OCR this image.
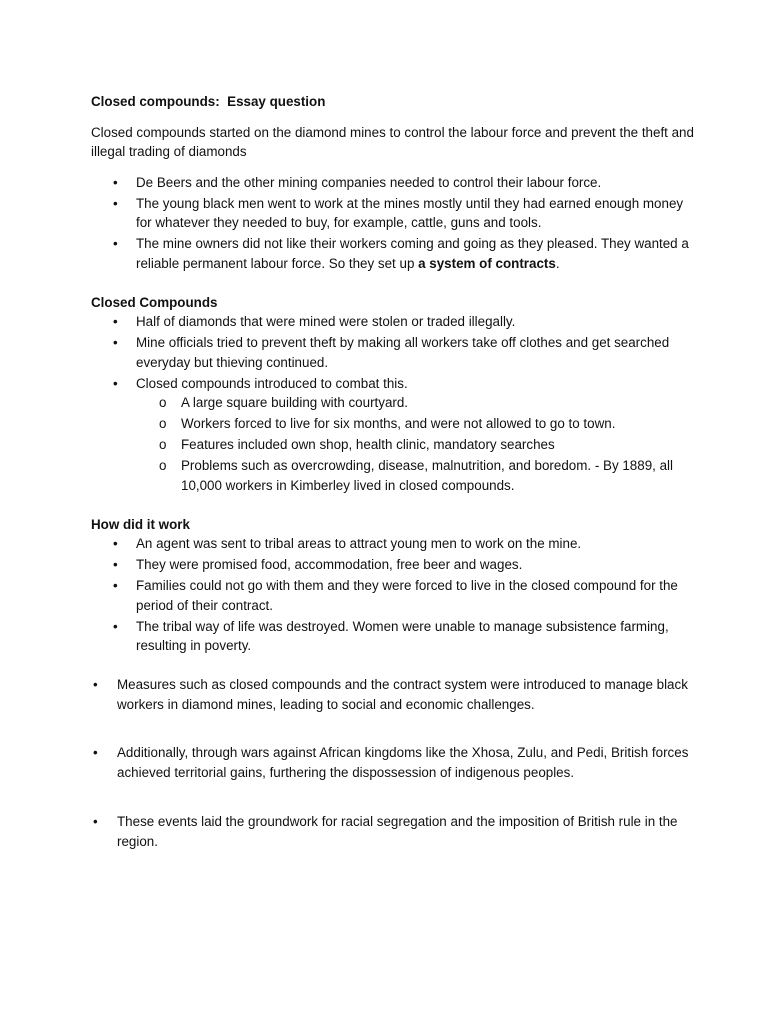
Closed compounds:  Essay question

Closed compounds started on the diamond mines to control the labour force and prevent the theft and illegal trading of diamonds

• De Beers and the other mining companies needed to control their labour force.
• The young black men went to work at the mines mostly until they had earned enough money for whatever they needed to buy, for example, cattle, guns and tools.
• The mine owners did not like their workers coming and going as they pleased. They wanted a reliable permanent labour force. So they set up a system of contracts.

Closed Compounds

• Half of diamonds that were mined were stolen or traded illegally.
• Mine officials tried to prevent theft by making all workers take off clothes and get searched everyday but thieving continued.
• Closed compounds introduced to combat this.
o A large square building with courtyard.
o Workers forced to live for six months, and were not allowed to go to town.
o Features included own shop, health clinic, mandatory searches
o Problems such as overcrowding, disease, malnutrition, and boredom. - By 1889, all 10,000 workers in Kimberley lived in closed compounds.

How did it work

• An agent was sent to tribal areas to attract young men to work on the mine.
• They were promised food, accommodation, free beer and wages.
• Families could not go with them and they were forced to live in the closed compound for the period of their contract.
• The tribal way of life was destroyed. Women were unable to manage subsistence farming, resulting in poverty.
• Measures such as closed compounds and the contract system were introduced to manage black workers in diamond mines, leading to social and economic challenges.
• Additionally, through wars against African kingdoms like the Xhosa, Zulu, and Pedi, British forces achieved territorial gains, furthering the dispossession of indigenous peoples.
• These events laid the groundwork for racial segregation and the imposition of British rule in the region.
